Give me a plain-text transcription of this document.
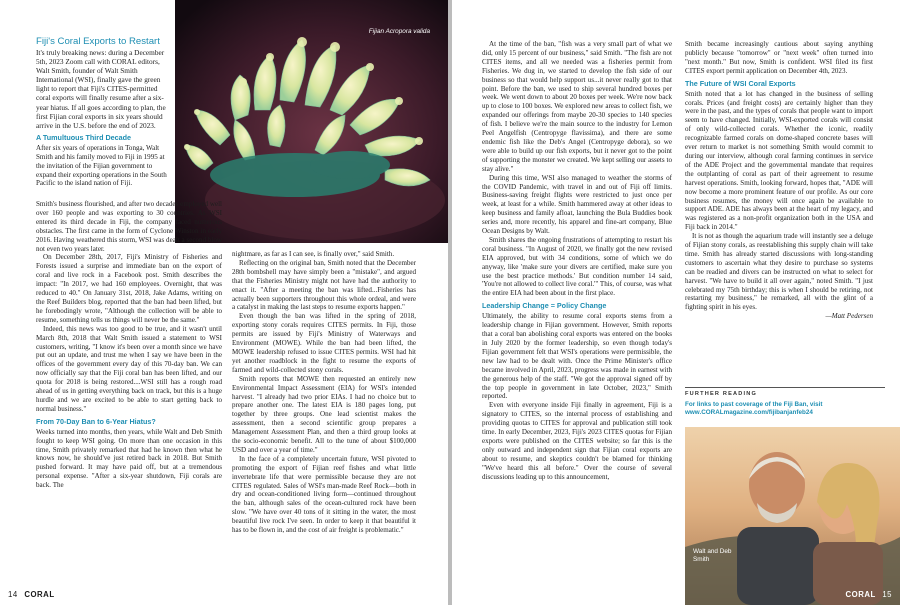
Fiji's Coral Exports to Restart

It's truly breaking news: during a December 5th, 2023 Zoom call with CORAL editors, Walt Smith, founder of Walt Smith International (WSI), finally gave the green light to report that Fiji's CITES-permitted coral exports will finally resume after a six-year hiatus. If all goes according to plan, the first Fijian coral exports in six years should arrive in the U.S. before the end of 2023.

A Tumultuous Third Decade

After six years of operations in Tonga, Walt Smith and his family moved to Fiji in 1995 at the invitation of the Fijian government to expand their exporting operations in the South Pacific to the island nation of Fiji.

Fijian Acropora valida

Smith's business flourished, and after two decades employed well over 160 people and was exporting to 30 countries. As WSI entered its third decade in Fiji, the company faced numerous obstacles. The first came in the form of Cyclone Winston in early 2016. Having weathered this storm, WSI was dealt a second blow not even two years later.

On December 28th, 2017, Fiji's Ministry of Fisheries and Forests issued a surprise and immediate ban on the export of coral and live rock in a Facebook post. Smith describes the impact: "In 2017, we had 160 employees. Overnight, that was reduced to 40." On January 31st, 2018, Jake Adams, writing on the Reef Builders blog, reported that the ban had been lifted, but he forebodingly wrote, "Although the collection will be able to resume, something tells us things will never be the same."

Indeed, this news was too good to be true, and it wasn't until March 8th, 2018 that Walt Smith issued a statement to WSI customers, writing, "I know it's been over a month since we have put out an update, and trust me when I say we have been in the offices of the government every day of this 70-day ban. We can now officially say that the Fiji coral ban has been lifted, and our quota for 2018 is being restored....WSI still has a rough road ahead of us in getting everything back on track, but this is a huge hurdle and we are excited to be able to start getting back to normal business."

From 70-Day Ban to 6-Year Hiatus?

Weeks turned into months, then years, while Walt and Deb Smith fought to keep WSI going. On more than one occasion in this time, Smith privately remarked that had he known then what he knows now, he should've just retired back in 2018. But Smith pushed forward. It may have paid off, but at a tremendous personal expense. "After a six-year shutdown, Fiji corals are back. The

nightmare, as far as I can see, is finally over," said Smith.

Reflecting on the original ban, Smith noted that the December 28th bombshell may have simply been a "mistake", and argued that the Fisheries Ministry might not have had the authority to enact it. "After a meeting the ban was lifted...Fisheries has actually been supporters throughout this whole ordeal, and were a catalyst in making the last steps to resume exports happen."

Even though the ban was lifted in the spring of 2018, exporting stony corals requires CITES permits. In Fiji, those permits are issued by Fiji's Ministry of Waterways and Environment (MOWE). While the ban had been lifted, the MOWE leadership refused to issue CITES permits. WSI had hit yet another roadblock in the fight to resume the exports of farmed and wild-collected stony corals.

Smith reports that MOWE then requested an entirely new Environmental Impact Assessment (EIA) for WSI's intended harvest. "I already had two prior EIAs. I had no choice but to prepare another one. The latest EIA is 180 pages long, put together by three groups. One lead scientist makes the assessment, then a second scientific group prepares a Management Assessment Plan, and then a third group looks at the socio-economic benefit. All to the tune of about $100,000 USD and over a year of time."

In the face of a completely uncertain future, WSI pivoted to promoting the export of Fijian reef fishes and what little invertebrate life that were permissible because they are not CITES regulated. Sales of WSI's man-made Reef Rock—both in dry and ocean-conditioned living form—continued throughout the ban, although sales of the ocean-cultured rock have been slow. "We have over 40 tons of it sitting in the water, the most beautiful live rock I've seen. In order to keep it that beautiful it has to be flown in, and the cost of air freight is problematic."

14 CORAL

At the time of the ban, "fish was a very small part of what we did, only 15 percent of our business," said Smith. "The fish are not CITES items, and all we needed was a fisheries permit from Fisheries. We dug in, we started to develop the fish side of our business so that would help support us...it never really got to that point. Before the ban, we used to ship several hundred boxes per week. We went down to about 20 boxes per week. We're now back up to close to 100 boxes. We explored new areas to collect fish, we expanded our offerings from maybe 20-30 species to 140 species of fish. I believe we're the main source to the industry for Lemon Peel Angelfish (Centropyge flavissima), and there are some endemic fish like the Deb's Angel (Centropyge debora), so we were able to build up our fish exports, but it never got to the point of supporting the monster we created. We kept selling our assets to stay alive."

During this time, WSI also managed to weather the storms of the COVID Pandemic, with travel in and out of Fiji off limits. Business-saving freight flights were restricted to just once per week, at least for a while. Smith hammered away at other ideas to keep business and family afloat, launching the Bula Buddies book series and, more recently, his apparel and fine-art company, Blue Ocean Designs by Walt.

Smith shares the ongoing frustrations of attempting to restart his coral business. "In August of 2020, we finally got the new revised EIA approved, but with 34 conditions, some of which we do anyway, like 'make sure your divers are certified, make sure you use the best practice methods.' But condition number 14 said, 'You're not allowed to collect live coral.'" This, of course, was what the entire EIA had been about in the first place.

Leadership Change = Policy Change

Ultimately, the ability to resume coral exports stems from a leadership change in Fijian government. However, Smith reports that a coral ban abolishing coral exports was entered on the books in July 2020 by the former leadership, so even though today's Fijian government felt that WSI's operations were permissible, the new law had to be dealt with. Once the Prime Minister's office became involved in April, 2023, progress was made in earnest with the generous help of the staff. "We got the approval signed off by the top people in government in late October, 2023," Smith reported.

Even with everyone inside Fiji finally in agreement, Fiji is a signatory to CITES, so the internal process of establishing and providing quotas to CITES for approval and publication still took time. In early December, 2023, Fiji's 2023 CITES quotas for Fijian exports were published on the CITES website; so far this is the only outward and independent sign that Fijian coral exports are about to resume, and skeptics couldn't be blamed for thinking "We've heard this all before." Over the course of several discussions leading up to this announcement,

Smith became increasingly cautious about saying anything publicly because "tomorrow" or "next week" often turned into "next month." But now, Smith is confident. WSI filed its first CITES export permit application on December 4th, 2023.

The Future of WSI Coral Exports

Smith noted that a lot has changed in the business of selling corals. Prices (and freight costs) are certainly higher than they were in the past, and the types of corals that people want to import seem to have changed. Initially, WSI-exported corals will consist of only wild-collected corals. Whether the iconic, readily recognizable farmed corals on dome-shaped concrete bases will ever return to market is not something Smith would commit to during our interview, although coral farming continues in service of the ADE Project and the governmental mandate that requires the outplanting of coral as part of their agreement to resume harvest operations. Smith, looking forward, hopes that, "ADE will now become a more prominent feature of our profile. As our core business resumes, the money will once again be available to support ADE. ADE has always been at the heart of my legacy, and was registered as a non-profit organization both in the USA and Fiji back in 2014."

It is not as though the aquarium trade will instantly see a deluge of Fijian stony corals, as reestablishing this supply chain will take time. Smith has already started discussions with long-standing customers to ascertain what they desire to purchase so systems can be readied and divers can be instructed on what to select for harvest. "We have to build it all over again," noted Smith. "I just celebrated my 75th birthday; this is when I should be retiring, not restarting my business," he remarked, all with the glint of a fighting spirit in his eyes.

—Matt Pedersen

FURTHER READING
For links to past coverage of the Fiji Ban, visit www.CORALmagazine.com/fijibanjanfeb24
Walt and Deb
Smith
CORAL 15
